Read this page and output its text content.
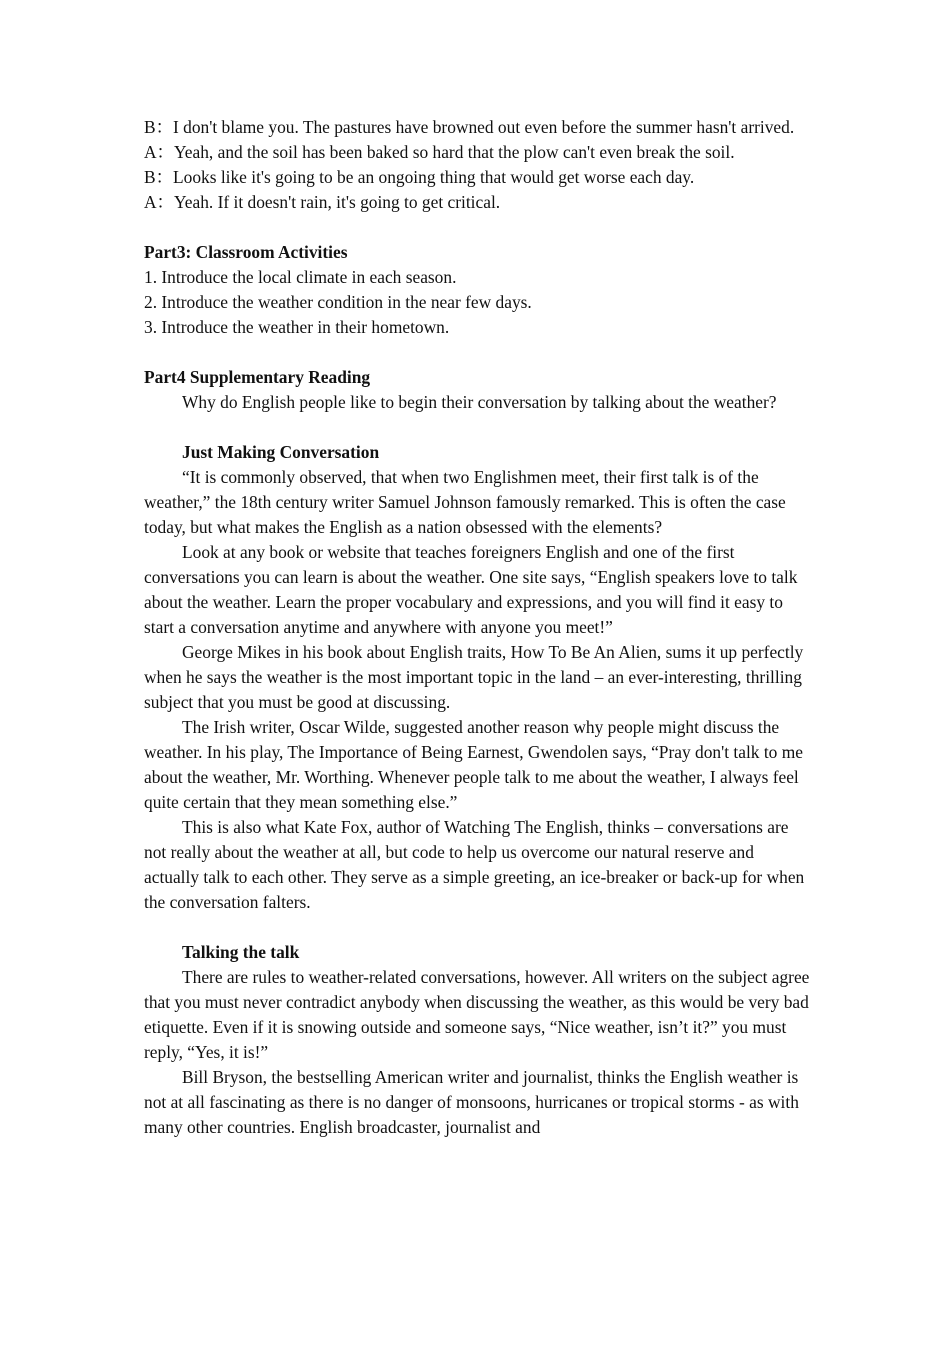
B：I don't blame you. The pastures have browned out even before the summer hasn't arrived.

A：Yeah, and the soil has been baked so hard that the plow can't even break the soil.

B：Looks like it's going to be an ongoing thing that would get worse each day.

A：Yeah. If it doesn't rain, it's going to get critical.

Part3: Classroom Activities

1. Introduce the local climate in each season.

2. Introduce the weather condition in the near few days.

3. Introduce the weather in their hometown.

Part4 Supplementary Reading

Why do English people like to begin their conversation by talking about the weather?

Just Making Conversation

“It is commonly observed, that when two Englishmen meet, their first talk is of the weather,” the 18th century writer Samuel Johnson famously remarked. This is often the case today, but what makes the English as a nation obsessed with the elements?

Look at any book or website that teaches foreigners English and one of the first conversations you can learn is about the weather. One site says, “English speakers love to talk about the weather. Learn the proper vocabulary and expressions, and you will find it easy to start a conversation anytime and anywhere with anyone you meet!”

George Mikes in his book about English traits, How To Be An Alien, sums it up perfectly when he says the weather is the most important topic in the land – an ever-interesting, thrilling subject that you must be good at discussing.

The Irish writer, Oscar Wilde, suggested another reason why people might discuss the weather. In his play, The Importance of Being Earnest, Gwendolen says, “Pray don't talk to me about the weather, Mr. Worthing. Whenever people talk to me about the weather, I always feel quite certain that they mean something else.”

This is also what Kate Fox, author of Watching The English, thinks – conversations are not really about the weather at all, but code to help us overcome our natural reserve and actually talk to each other. They serve as a simple greeting, an ice-breaker or back-up for when the conversation falters.

Talking the talk

There are rules to weather-related conversations, however. All writers on the subject agree that you must never contradict anybody when discussing the weather, as this would be very bad etiquette. Even if it is snowing outside and someone says, “Nice weather, isn’t it?” you must reply, “Yes, it is!”

Bill Bryson, the bestselling American writer and journalist, thinks the English weather is not at all fascinating as there is no danger of monsoons, hurricanes or tropical storms - as with many other countries. English broadcaster, journalist and
